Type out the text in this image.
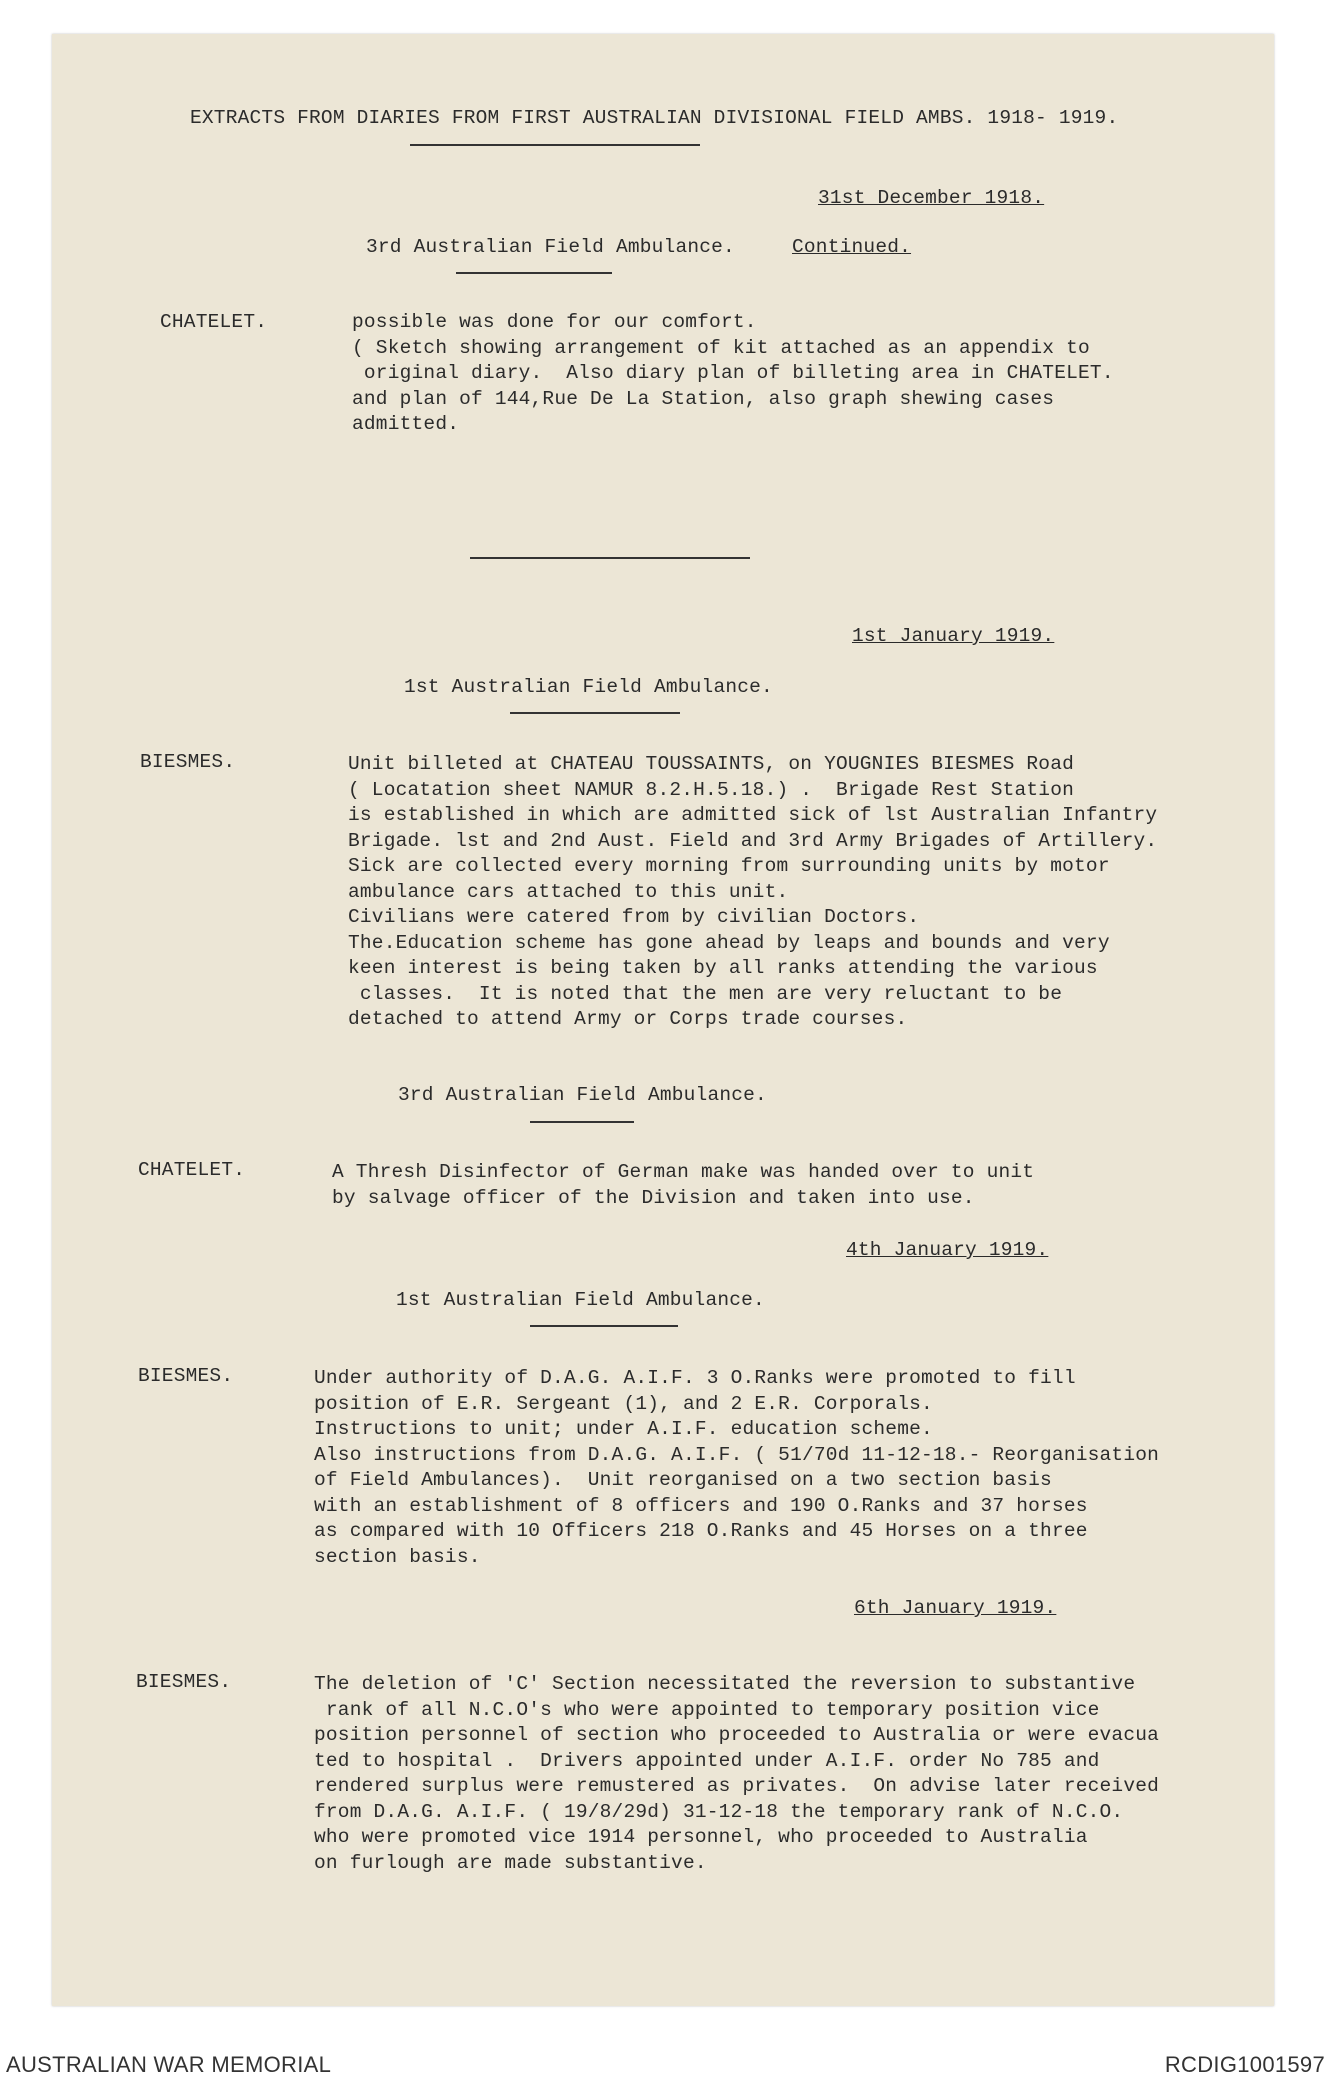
EXTRACTS FROM DIARIES FROM FIRST AUSTRALIAN DIVISIONAL FIELD AMBS. 1918- 1919.
31st December 1918.
3rd Australian Field Ambulance.	Continued.
CHATELET.	possible was done for our comfort.
( Sketch showing arrangement of kit attached as an appendix to
original diary.  Also diary plan of billeting area in CHATELET.
and plan of 144,Rue De La Station, also graph shewing cases
admitted.
1st January 1919.
1st Australian Field Ambulance.
BIESMES.	Unit billeted at CHATEAU TOUSSAINTS, on YOUGNIES BIESMES Road
( Locatation sheet NAMUR 8.2.H.5.18.) .  Brigade Rest Station
is established in which are admitted sick of lst Australian Infantry
Brigade. lst and 2nd Aust. Field and 3rd Army Brigades of Artillery.
Sick are collected every morning from surrounding units by motor
ambulance cars attached to this unit.
Civilians were catered from by civilian Doctors.
The.Education scheme has gone ahead by leaps and bounds and very
keen interest is being taken by all ranks attending the various
classes.  It is noted that the men are very reluctant to be
detached to attend Army or Corps trade courses.
3rd Australian Field Ambulance.
CHATELET.	A Thresh Disinfector of German make was handed over to unit
by salvage officer of the Division and taken into use.
4th January 1919.
1st Australian Field Ambulance.
BIESMES.	Under authority of D.A.G. A.I.F. 3 O.Ranks were promoted to fill
position of E.R. Sergeant (1), and 2 E.R. Corporals.
Instructions to unit; under A.I.F. education scheme.
Also instructions from D.A.G. A.I.F. ( 51/70d 11-12-18.- Reorganisation
of Field Ambulances).  Unit reorganised on a two section basis
with an establishment of 8 officers and 190 O.Ranks and 37 horses
as compared with 10 Officers 218 O.Ranks and 45 Horses on a three
section basis.
6th January 1919.
BIESMES.	The deletion of 'C' Section necessitated the reversion to substantive
rank of all N.C.O's who were appointed to temporary position vice
position personnel of section who proceeded to Australia or were evacua
ted to hospital .  Drivers appointed under A.I.F. order No 785 and
rendered surplus were remustered as privates.  On advise later received
from D.A.G. A.I.F. ( 19/8/29d) 31-12-18 the temporary rank of N.C.O.
who were promoted vice 1914 personnel, who proceeded to Australia
on furlough are made substantive.
AUSTRALIAN WAR MEMORIAL	RCDIG1001597
